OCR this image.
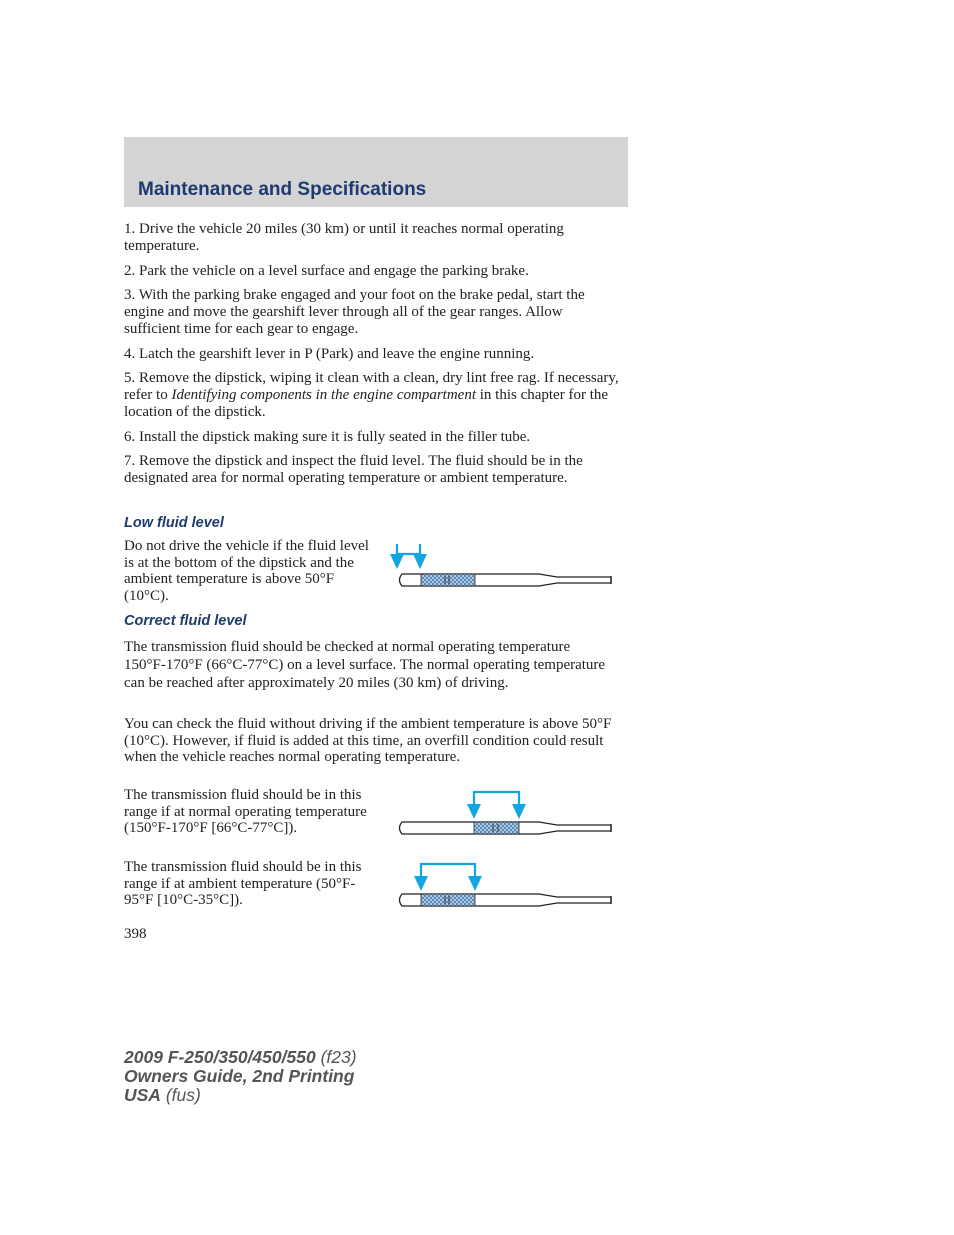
Maintenance and Specifications

1. Drive the vehicle 20 miles (30 km) or until it reaches normal operating temperature.

2. Park the vehicle on a level surface and engage the parking brake.

3. With the parking brake engaged and your foot on the brake pedal, start the engine and move the gearshift lever through all of the gear ranges. Allow sufficient time for each gear to engage.

4. Latch the gearshift lever in P (Park) and leave the engine running.

5. Remove the dipstick, wiping it clean with a clean, dry lint free rag. If necessary, refer to Identifying components in the engine compartment in this chapter for the location of the dipstick.

6. Install the dipstick making sure it is fully seated in the filler tube.

7. Remove the dipstick and inspect the fluid level. The fluid should be in the designated area for normal operating temperature or ambient temperature.

Low fluid level

Do not drive the vehicle if the fluid level is at the bottom of the dipstick and the ambient temperature is above 50°F (10°C).

Correct fluid level

The transmission fluid should be checked at normal operating temperature 150°F-170°F (66°C-77°C) on a level surface. The normal operating temperature can be reached after approximately 20 miles (30 km) of driving.

You can check the fluid without driving if the ambient temperature is above 50°F (10°C). However, if fluid is added at this time, an overfill condition could result when the vehicle reaches normal operating temperature.

The transmission fluid should be in this range if at normal operating temperature (150°F-170°F [66°C-77°C]).

The transmission fluid should be in this range if at ambient temperature (50°F-95°F [10°C-35°C]).

398
2009 F-250/350/450/550 (f23)
Owners Guide, 2nd Printing
USA (fus)
